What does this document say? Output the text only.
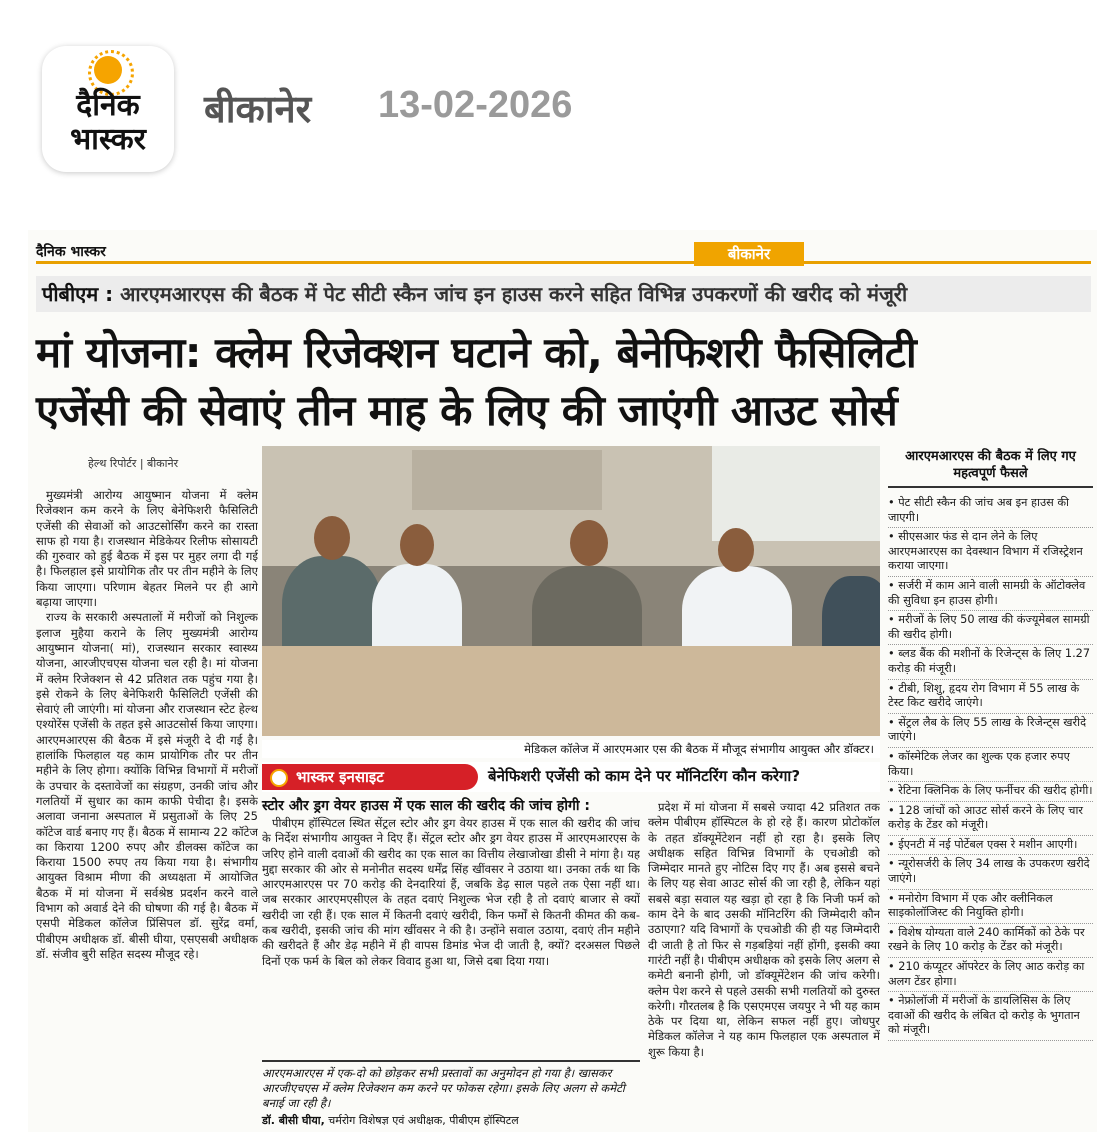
दैनिक
भास्कर
बीकानेर 13-02-2026
दैनिक भास्कर	बीकानेर
पीबीएम : आरएमआरएस की बैठक में पेट सीटी स्कैन जांच इन हाउस करने सहित विभिन्न उपकरणों की खरीद को मंजूरी
मां योजना: क्लेम रिजेक्शन घटाने को, बेनेफिशरी फैसिलिटी
एजेंसी की सेवाएं तीन माह के लिए की जाएंगी आउट सोर्स
हेल्थ रिपोर्टर | बीकानेर

मुख्यमंत्री आरोग्य आयुष्मान योजना में क्लेम रिजेक्शन कम करने के लिए बेनेफिशरी फैसिलिटी एजेंसी की सेवाओं को आउटसोर्सिंग करने का रास्ता साफ हो गया है। राजस्थान मेडिकेयर रिलीफ सोसायटी की गुरुवार को हुई बैठक में इस पर मुहर लगा दी गई है। फिलहाल इसे प्रायोगिक तौर पर तीन महीने के लिए किया जाएगा। परिणाम बेहतर मिलने पर ही आगे बढ़ाया जाएगा।

राज्य के सरकारी अस्पतालों में मरीजों को निशुल्क इलाज मुहैया कराने के लिए मुख्यमंत्री आरोग्य आयुष्मान योजना( मां), राजस्थान सरकार स्वास्थ्य योजना, आरजीएचएस योजना चल रही है। मां योजना में क्लेम रिजेक्शन से 42 प्रतिशत तक पहुंच गया है। इसे रोकने के लिए बेनेफिशरी फैसिलिटी एजेंसी की सेवाएं ली जाएंगी। मां योजना और राजस्थान स्टेट हेल्थ एश्योरेंस एजेंसी के तहत इसे आउटसोर्स किया जाएगा। आरएमआरएस की बैठक में इसे मंजूरी दे दी गई है। हालांकि फिलहाल यह काम प्रायोगिक तौर पर तीन महीने के लिए होगा। क्योंकि विभिन्न विभागों में मरीजों के उपचार के दस्तावेजों का संग्रहण, उनकी जांच और गलतियों में सुधार का काम काफी पेचीदा है। इसके अलावा जनाना अस्पताल में प्रसुताओं के लिए 25 कॉटेज वार्ड बनाए गए हैं। बैठक में सामान्य 22 कॉटेज का किराया 1200 रुपए और डीलक्स कॉटेज का किराया 1500 रुपए तय किया गया है। संभागीय आयुक्त विश्राम मीणा की अध्यक्षता में आयोजित बैठक में मां योजना में सर्वश्रेष्ठ प्रदर्शन करने वाले विभाग को अवार्ड देने की घोषणा की गई है। बैठक में एसपी मेडिकल कॉलेज प्रिंसिपल डॉ. सुरेंद्र वर्मा, पीबीएम अधीक्षक डॉ. बीसी घीया, एसएसबी अधीक्षक डॉ. संजीव बुरी सहित सदस्य मौजूद रहे।

मेडिकल कॉलेज में आरएमआर एस की बैठक में मौजूद संभागीय आयुक्त और डॉक्टर।
भास्कर इनसाइट	बेनेफिशरी एजेंसी को काम देने पर मॉनिटरिंग कौन करेगा?
स्टोर और ड्रग वेयर हाउस में एक साल की खरीद की जांच होगी :

पीबीएम हॉस्पिटल स्थित सेंट्रल स्टोर और ड्रग वेयर हाउस में एक साल की खरीद की जांच के निर्देश संभागीय आयुक्त ने दिए हैं। सेंट्रल स्टोर और ड्रग वेयर हाउस में आरएमआरएस के जरिए होने वाली दवाओं की खरीद का एक साल का वित्तीय लेखाजोखा डीसी ने मांगा है। यह मुद्दा सरकार की ओर से मनोनीत सदस्य धर्मेंद्र सिंह खींवसर ने उठाया था। उनका तर्क था कि आरएमआरएस पर 70 करोड़ की देनदारियां हैं, जबकि डेढ़ साल पहले तक ऐसा नहीं था। जब सरकार आरएमएसीएल के तहत दवाएं निशुल्क भेज रही है तो दवाएं बाजार से क्यों खरीदी जा रही हैं। एक साल में कितनी दवाएं खरीदी, किन फर्मों से कितनी कीमत की कब-कब खरीदी, इसकी जांच की मांग खींवसर ने की है। उन्होंने सवाल उठाया, दवाएं तीन महीने की खरीदते हैं और डेढ़ महीने में ही वापस डिमांड भेज दी जाती है, क्यों? दरअसल पिछले दिनों एक फर्म के बिल को लेकर विवाद हुआ था, जिसे दबा दिया गया।

आरएमआरएस में एक-दो को छोड़कर सभी प्रस्तावों का अनुमोदन हो गया है। खासकर आरजीएचएस में क्लेम रिजेक्शन कम करने पर फोकस रहेगा। इसके लिए अलग से कमेटी बनाई जा रही है।
डॉ. बीसी घीया, चर्मरोग विशेषज्ञ एवं अधीक्षक, पीबीएम हॉस्पिटल

प्रदेश में मां योजना में सबसे ज्यादा 42 प्रतिशत तक क्लेम पीबीएम हॉस्पिटल के हो रहे हैं। कारण प्रोटोकॉल के तहत डॉक्यूमेंटेशन नहीं हो रहा है। इसके लिए अधीक्षक सहित विभिन्न विभागों के एचओडी को जिम्मेदार मानते हुए नोटिस दिए गए हैं। अब इससे बचने के लिए यह सेवा आउट सोर्स की जा रही है, लेकिन यहां सबसे बड़ा सवाल यह खड़ा हो रहा है कि निजी फर्म को काम देने के बाद उसकी मॉनिटरिंग की जिम्मेदारी कौन उठाएगा? यदि विभागों के एचओडी की ही यह जिम्मेदारी दी जाती है तो फिर से गड़बड़ियां नहीं होंगी, इसकी क्या गारंटी नहीं है। पीबीएम अधीक्षक को इसके लिए अलग से कमेटी बनानी होगी, जो डॉक्यूमेंटेशन की जांच करेगी। क्लेम पेश करने से पहले उसकी सभी गलतियों को दुरुस्त करेगी। गौरतलब है कि एसएमएस जयपुर ने भी यह काम ठेके पर दिया था, लेकिन सफल नहीं हुए। जोधपुर मेडिकल कॉलेज ने यह काम फिलहाल एक अस्पताल में शुरू किया है।

आरएमआरएस की बैठक में लिए गए महत्वपूर्ण फैसले
• पेट सीटी स्कैन की जांच अब इन हाउस की जाएगी।
• सीएसआर फंड से दान लेने के लिए आरएमआरएस का देवस्थान विभाग में रजिस्ट्रेशन कराया जाएगा।
• सर्जरी में काम आने वाली सामग्री के ऑटोक्लेव की सुविधा इन हाउस होगी।
• मरीजों के लिए 50 लाख की कंज्यूमेबल सामग्री की खरीद होगी।
• ब्लड बैंक की मशीनों के रिजेन्ट्स के लिए 1.27 करोड़ की मंजूरी।
• टीबी, शिशु, हृदय रोग विभाग में 55 लाख के टेस्ट किट खरीदे जाएंगे।
• सेंट्रल लैब के लिए 55 लाख के रिजेन्ट्स खरीदे जाएंगे।
• कॉस्मेटिक लेजर का शुल्क एक हजार रुपए किया।
• रेटिना क्लिनिक के लिए फर्नीचर की खरीद होगी।
• 128 जांचों को आउट सोर्स करने के लिए चार करोड़ के टेंडर को मंजूरी।
• ईएनटी में नई पोर्टेबल एक्स रे मशीन आएगी।
• न्यूरोसर्जरी के लिए 34 लाख के उपकरण खरीदे जाएंगे।
• मनोरोग विभाग में एक और क्लीनिकल साइकोलॉजिस्ट की नियुक्ति होगी।
• विशेष योग्यता वाले 240 कार्मिकों को ठेके पर रखने के लिए 10 करोड़ के टेंडर को मंजूरी।
• 210 कंप्यूटर ऑपरेटर के लिए आठ करोड़ का अलग टेंडर होगा।
• नेफ्रोलॉजी में मरीजों के डायलिसिस के लिए दवाओं की खरीद के लंबित दो करोड़ के भुगतान को मंजूरी।
